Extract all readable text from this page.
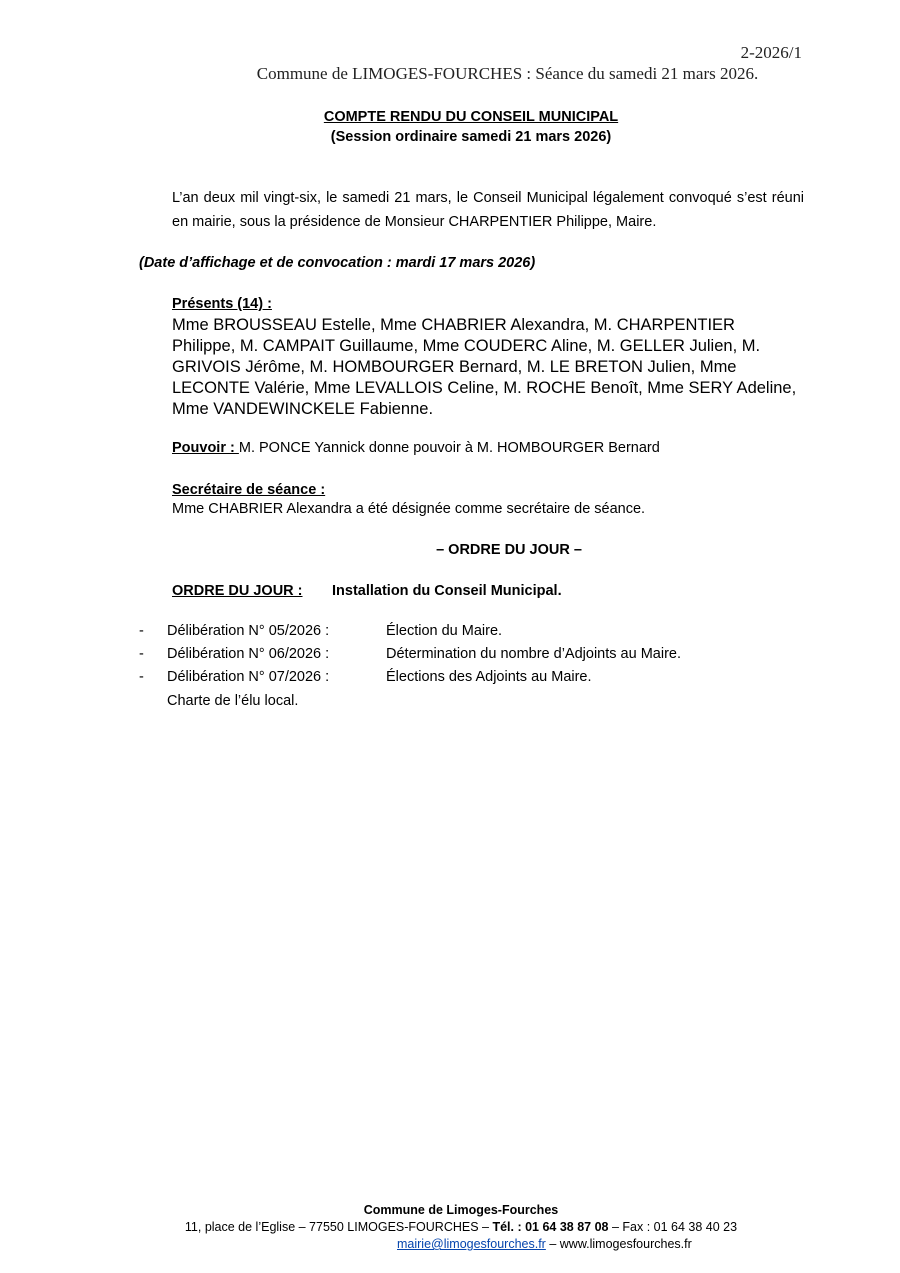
2-2026/1
Commune de LIMOGES-FOURCHES : Séance du samedi 21 mars 2026.
COMPTE RENDU DU CONSEIL MUNICIPAL
(Session ordinaire samedi 21 mars 2026)
L’an deux mil vingt-six, le samedi 21 mars, le Conseil Municipal légalement convoqué s’est réuni en mairie, sous la présidence de Monsieur CHARPENTIER Philippe, Maire.
(Date d’affichage et de convocation : mardi 17 mars 2026)
Présents (14) :
Mme BROUSSEAU Estelle, Mme CHABRIER Alexandra, M. CHARPENTIER Philippe, M. CAMPAIT Guillaume, Mme COUDERC Aline, M. GELLER Julien, M. GRIVOIS Jérôme, M. HOMBOURGER Bernard, M. LE BRETON Julien, Mme LECONTE Valérie, Mme LEVALLOIS Celine, M. ROCHE Benoît, Mme SERY Adeline, Mme VANDEWINCKELE Fabienne.
Pouvoir : M. PONCE Yannick donne pouvoir à M. HOMBOURGER Bernard
Secrétaire de séance :
Mme CHABRIER Alexandra a été désignée comme secrétaire de séance.
– ORDRE DU JOUR –
ORDRE DU JOUR : Installation du Conseil Municipal.
- Délibération N° 05/2026 :	Élection du Maire.
- Délibération N° 06/2026 :	Détermination du nombre d’Adjoints au Maire.
- Délibération N° 07/2026 :	Élections des Adjoints au Maire.
Charte de l’élu local.
Commune de Limoges-Fourches
11, place de l’Eglise – 77550 LIMOGES-FOURCHES – Tél. : 01 64 38 87 08 – Fax : 01 64 38 40 23
mairie@limogesfourches.fr – www.limogesfourches.fr
